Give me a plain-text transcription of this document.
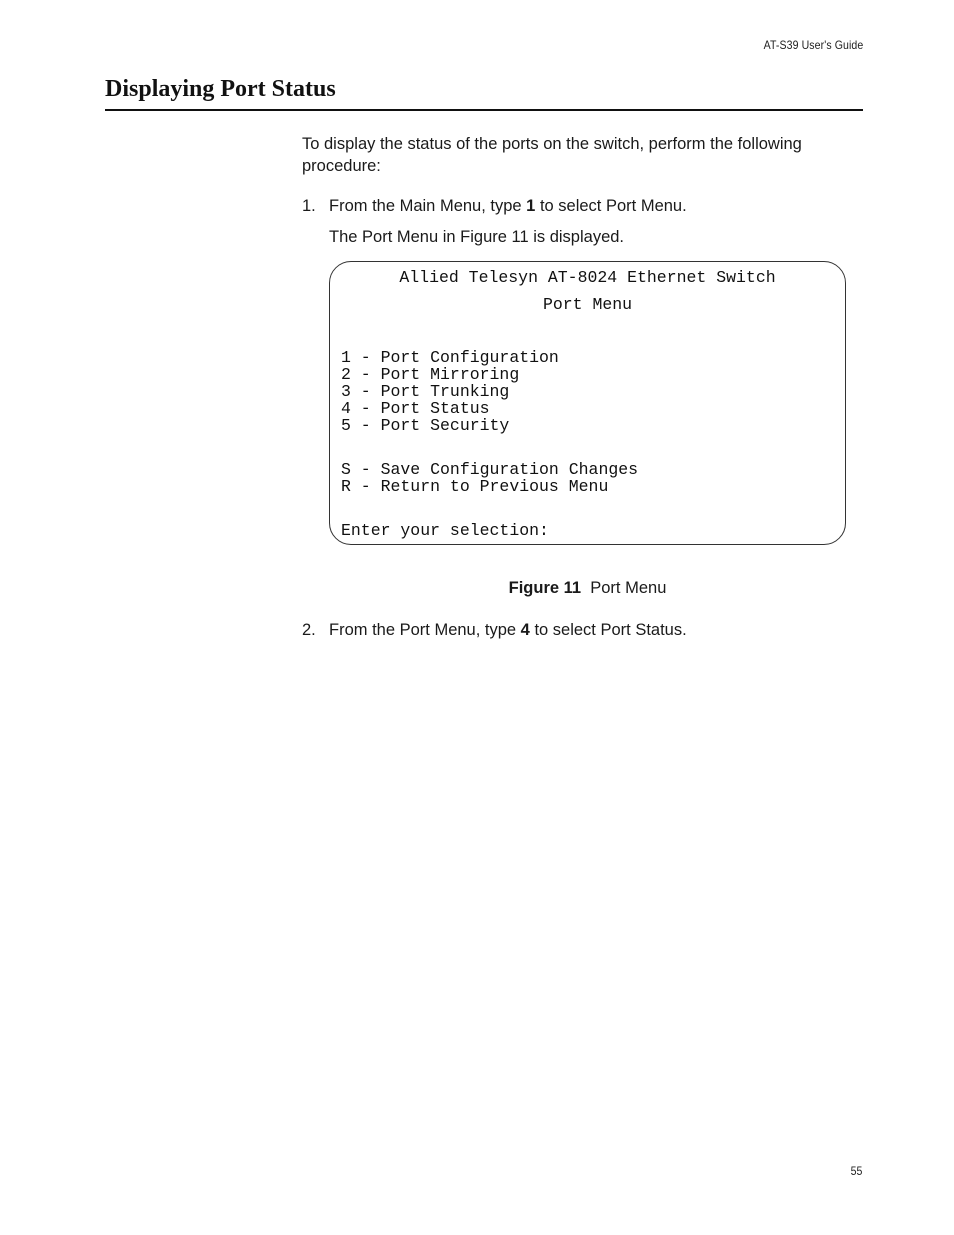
AT-S39 User's Guide
Displaying Port Status

To display the status of the ports on the switch, perform the following procedure:

1. From the Main Menu, type 1 to select Port Menu.
The Port Menu in Figure 11 is displayed.
Allied Telesyn AT-8024 Ethernet Switch
Port Menu
1 - Port Configuration
2 - Port Mirroring
3 - Port Trunking
4 - Port Status
5 - Port Security
S - Save Configuration Changes
R - Return to Previous Menu
Enter your selection:
Figure 11 Port Menu
2. From the Port Menu, type 4 to select Port Status.
55
